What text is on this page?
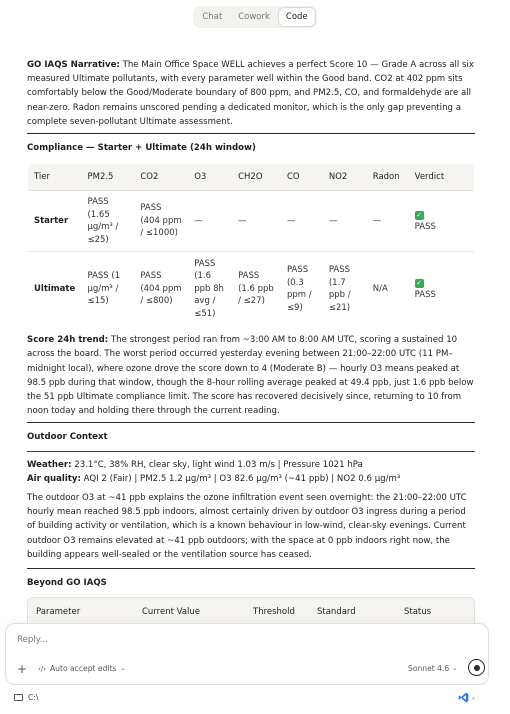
Chat	Cowork	Code

GO IAQS Narrative: The Main Office Space WELL achieves a perfect Score 10 — Grade A across all six measured Ultimate pollutants, with every parameter well within the Good band. CO2 at 402 ppm sits comfortably below the Good/Moderate boundary of 800 ppm, and PM2.5, CO, and formaldehyde are all near-zero. Radon remains unscored pending a dedicated monitor, which is the only gap preventing a complete seven-pollutant Ultimate assessment.

Compliance — Starter + Ultimate (24h window)
Tier	PM2.5	CO2	O3	CH2O	CO	NO2	Radon	Verdict
Starter	PASS (1.65 µg/m³ / ≤25)	PASS (404 ppm / ≤1000)	—	—	—	—	—	✓
PASS
Ultimate	PASS (1 µg/m³ / ≤15)	PASS (404 ppm / ≤800)	PASS (1.6 ppb 8h avg / ≤51)	PASS (1.6 ppb / ≤27)	PASS (0.3 ppm / ≤9)	PASS (1.7 ppb / ≤21)	N/A	✓
PASS

Score 24h trend: The strongest period ran from ~3:00 AM to 8:00 AM UTC, scoring a sustained 10 across the board. The worst period occurred yesterday evening between 21:00–22:00 UTC (11 PM–midnight local), where ozone drove the score down to 4 (Moderate B) — hourly O3 means peaked at 98.5 ppb during that window, though the 8-hour rolling average peaked at 49.4 ppb, just 1.6 ppb below the 51 ppb Ultimate compliance limit. The score has recovered decisively since, returning to 10 from noon today and holding there through the current reading.

Outdoor Context

Weather: 23.1°C, 38% RH, clear sky, light wind 1.03 m/s | Pressure 1021 hPa

Air quality: AQI 2 (Fair) | PM2.5 1.2 µg/m³ | O3 82.6 µg/m³ (~41 ppb) | NO2 0.6 µg/m³

The outdoor O3 at ~41 ppb explains the ozone infiltration event seen overnight: the 21:00–22:00 UTC hourly mean reached 98.5 ppb indoors, almost certainly driven by outdoor O3 ingress during a period of building activity or ventilation, which is a known behaviour in low-wind, clear-sky evenings. Current outdoor O3 remains elevated at ~41 ppb outdoors; with the space at 0 ppb indoors right now, the building appears well-sealed or the ventilation source has ceased.

Beyond GO IAQS
Parameter	Current Value	Threshold	Standard	Status
Reply...
+ ‹/› Auto accept edits ⌄	Sonnet 4.6 ⌄
C:\	⌄
